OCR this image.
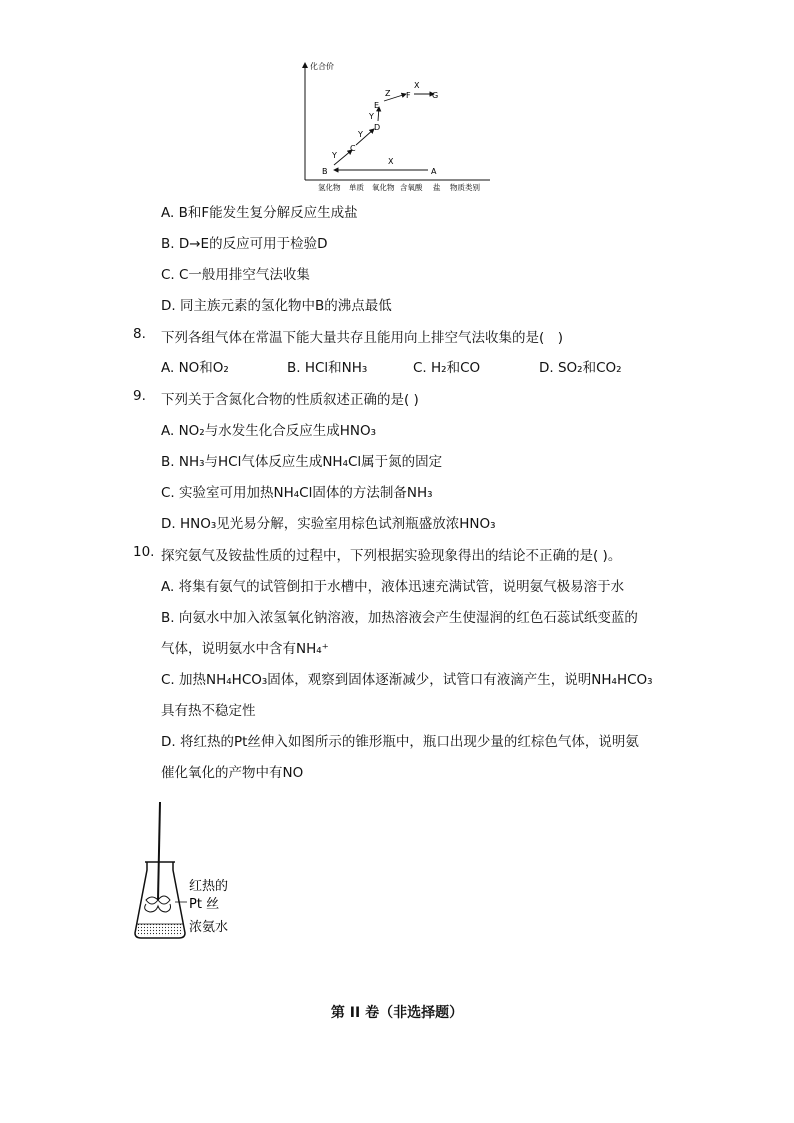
化合价
氢化物 单质 氧化物 含氧酸 盐 物质类别
A
B
C
D
E
F	G
X
Y
Y
Y
Z
X
A. B和F能发生复分解反应生成盐
B. D→E的反应可用于检验D
C. C一般用排空气法收集
D. 同主族元素的氢化物中B的沸点最低
8. 下列各组气体在常温下能大量共存且能用向上排空气法收集的是(　)
A. NO和O₂	B. HCl和NH₃	C. H₂和CO	D. SO₂和CO₂
9. 下列关于含氮化合物的性质叙述正确的是( )
A. NO₂与水发生化合反应生成HNO₃
B. NH₃与HCl气体反应生成NH₄Cl属于氮的固定
C. 实验室可用加热NH₄Cl固体的方法制备NH₃
D. HNO₃见光易分解，实验室用棕色试剂瓶盛放浓HNO₃
10. 探究氨气及铵盐性质的过程中，下列根据实验现象得出的结论不正确的是( )。
A. 将集有氨气的试管倒扣于水槽中，液体迅速充满试管，说明氨气极易溶于水
B. 向氨水中加入浓氢氧化钠溶液，加热溶液会产生使湿润的红色石蕊试纸变蓝的
气体，说明氨水中含有NH₄⁺
C. 加热NH₄HCO₃固体，观察到固体逐渐减少，试管口有液滴产生，说明NH₄HCO₃
具有热不稳定性
D. 将红热的Pt丝伸入如图所示的锥形瓶中，瓶口出现少量的红棕色气体，说明氨
催化氧化的产物中有NO
红热的
Pt 丝
浓氨水
第 II 卷（非选择题）
